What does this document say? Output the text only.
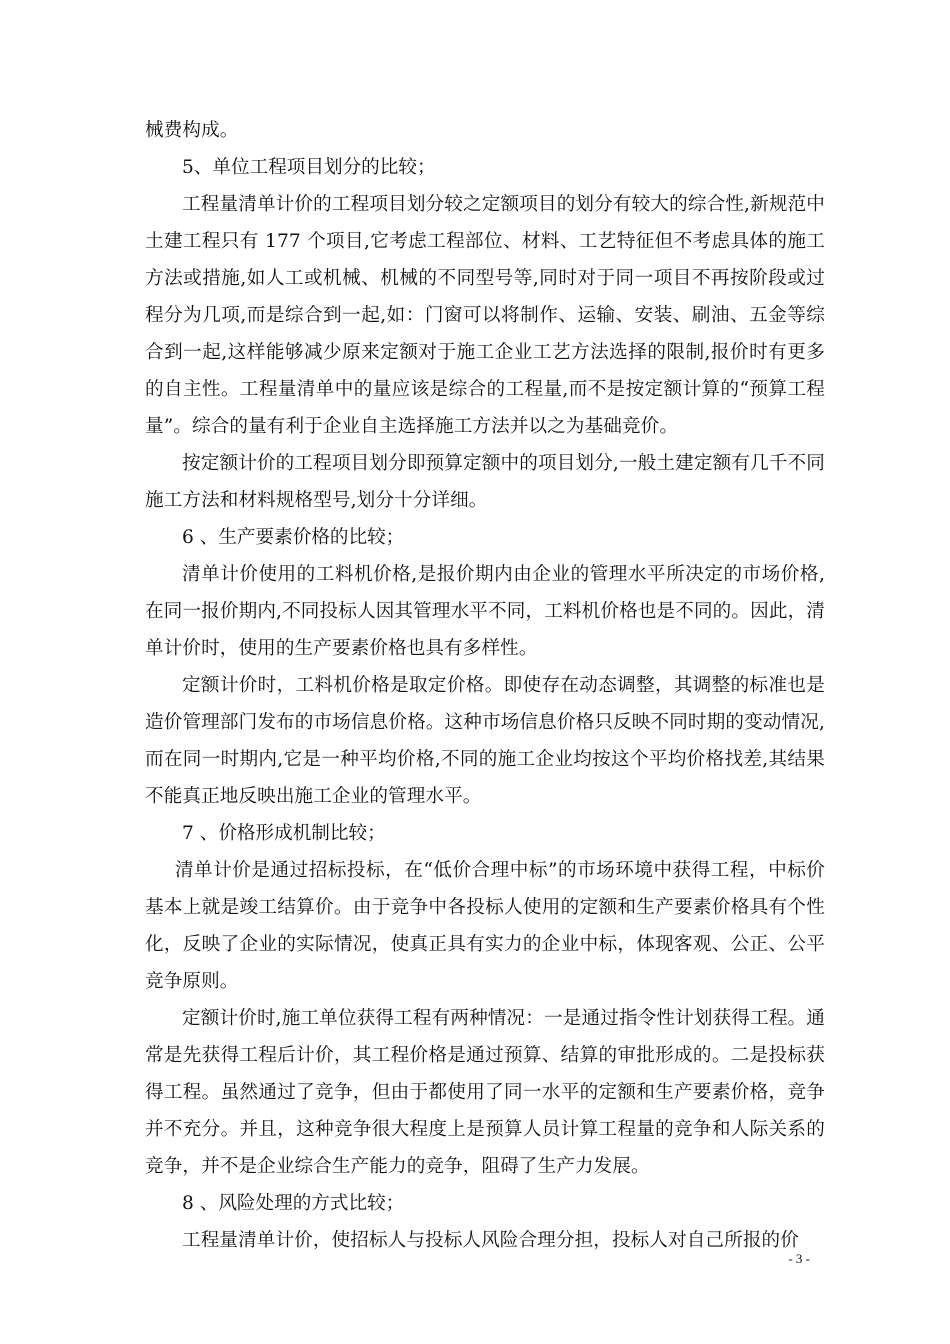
械费构成。

5、单位工程项目划分的比较；

工程量清单计价的工程项目划分较之定额项目的划分有较大的综合性,新规范中土建工程只有 177 个项目,它考虑工程部位、材料、工艺特征但不考虑具体的施工方法或措施,如人工或机械、机械的不同型号等,同时对于同一项目不再按阶段或过程分为几项,而是综合到一起,如：门窗可以将制作、运输、安装、刷油、五金等综合到一起,这样能够减少原来定额对于施工企业工艺方法选择的限制,报价时有更多的自主性。工程量清单中的量应该是综合的工程量,而不是按定额计算的“预算工程量”。综合的量有利于企业自主选择施工方法并以之为基础竞价。

按定额计价的工程项目划分即预算定额中的项目划分,一般土建定额有几千不同施工方法和材料规格型号,划分十分详细。

6 、生产要素价格的比较；

清单计价使用的工料机价格,是报价期内由企业的管理水平所决定的市场价格,在同一报价期内,不同投标人因其管理水平不同，工料机价格也是不同的。因此，清单计价时，使用的生产要素价格也具有多样性。

定额计价时，工料机价格是取定价格。即使存在动态调整，其调整的标准也是造价管理部门发布的市场信息价格。这种市场信息价格只反映不同时期的变动情况,而在同一时期内,它是一种平均价格,不同的施工企业均按这个平均价格找差,其结果不能真正地反映出施工企业的管理水平。

7 、价格形成机制比较；

清单计价是通过招标投标，在“低价合理中标”的市场环境中获得工程，中标价基本上就是竣工结算价。由于竞争中各投标人使用的定额和生产要素价格具有个性化，反映了企业的实际情况，使真正具有实力的企业中标，体现客观、公正、公平竞争原则。

定额计价时,施工单位获得工程有两种情况：一是通过指令性计划获得工程。通常是先获得工程后计价，其工程价格是通过预算、结算的审批形成的。二是投标获得工程。虽然通过了竞争，但由于都使用了同一水平的定额和生产要素价格，竞争并不充分。并且，这种竞争很大程度上是预算人员计算工程量的竞争和人际关系的竞争，并不是企业综合生产能力的竞争，阻碍了生产力发展。

8 、风险处理的方式比较；

工程量清单计价，使招标人与投标人风险合理分担，投标人对自己所报的价

- 3 -
